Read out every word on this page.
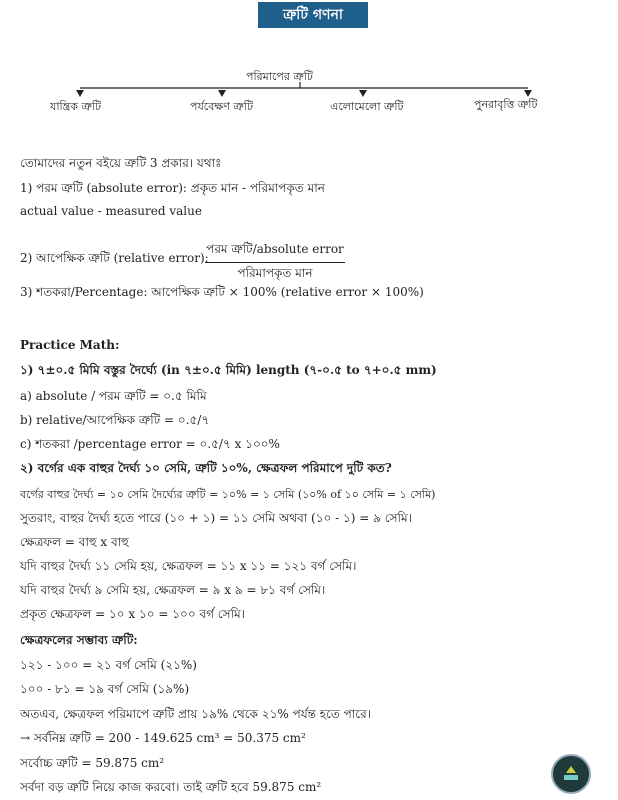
ত্রুটি গণনা
পরিমাপের ত্রুটি
যান্ত্রিক ত্রুটি	পর্যবেক্ষণ ত্রুটি	এলোমেলো ত্রুটি	পুনরাবৃত্তি ত্রুটি
তোমাদের নতুন বইয়ে ত্রুটি 3 প্রকার। যথাঃ
1) পরম ত্রুটি (absolute error): প্রকৃত মান - পরিমাপকৃত মান
actual value - measured value
2) আপেক্ষিক ত্রুটি (relative error):
পরম ত্রুটি/absolute error
পরিমাপকৃত মান
3) শতকরা/Percentage: আপেক্ষিক ত্রুটি × 100% (relative error × 100%)
Practice Math:
১) ৭±০.৫ মিমি বস্তুর দৈর্ঘ্যে (in ৭±০.৫ মিমি) length (৭-০.৫ to ৭+০.৫ mm)
a) absolute / পরম ত্রুটি = ০.৫ মিমি
b) relative/আপেক্ষিক ত্রুটি = ০.৫/৭
c) শতকরা /percentage error = ০.৫/৭ x ১০০%
২) বর্গের এক বাহুর দৈর্ঘ্য ১০ সেমি, ত্রুটি ১০%, ক্ষেত্রফল পরিমাপে দুটি কত?
বর্গের বাহুর দৈর্ঘ্য = ১০ সেমি দৈর্ঘ্যের ত্রুটি = ১০% = ১ সেমি (১০% of ১০ সেমি = ১ সেমি)
সুতরাং, বাহুর দৈর্ঘ্য হতে পারে (১০ + ১) = ১১ সেমি অথবা (১০ - ১) = ৯ সেমি।
ক্ষেত্রফল = বাহু x বাহু
যদি বাহুর দৈর্ঘ্য ১১ সেমি হয়, ক্ষেত্রফল = ১১ x ১১ = ১২১ বর্গ সেমি।
যদি বাহুর দৈর্ঘ্য ৯ সেমি হয়, ক্ষেত্রফল = ৯ x ৯ = ৮১ বর্গ সেমি।
প্রকৃত ক্ষেত্রফল = ১০ x ১০ = ১০০ বর্গ সেমি।
ক্ষেত্রফলের সম্ভাব্য ত্রুটি:
১২১ - ১০০ = ২১ বর্গ সেমি (২১%)
১০০ - ৮১ = ১৯ বর্গ সেমি (১৯%)
অতএব, ক্ষেত্রফল পরিমাপে ত্রুটি প্রায় ১৯% থেকে ২১% পর্যন্ত হতে পারে।
→ সর্বনিম্ন ত্রুটি = 200 - 149.625 cm³ = 50.375 cm²
সর্বোচ্চ ত্রুটি = 59.875 cm²
সর্বদা বড় ত্রুটি নিয়ে কাজ করবো। তাই ত্রুটি হবে 59.875 cm²
